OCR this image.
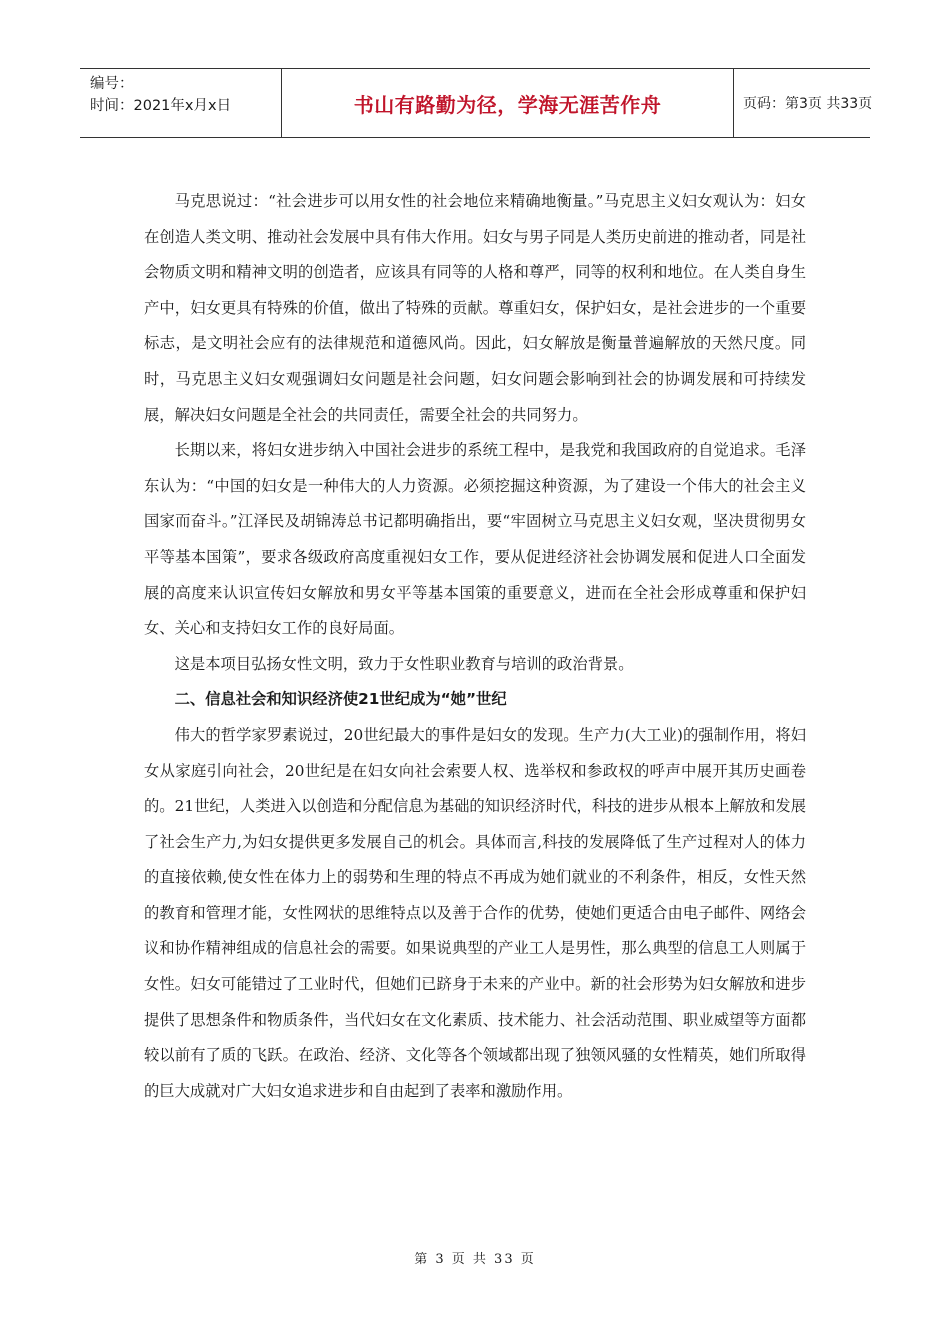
编号：
时间：2021年x月x日	书山有路勤为径，学海无涯苦作舟	页码：第3页 共33页

马克思说过：“社会进步可以用女性的社会地位来精确地衡量。”马克思主义妇女观认为：妇女在创造人类文明、推动社会发展中具有伟大作用。妇女与男子同是人类历史前进的推动者，同是社会物质文明和精神文明的创造者，应该具有同等的人格和尊严，同等的权利和地位。在人类自身生产中，妇女更具有特殊的价值，做出了特殊的贡献。尊重妇女，保护妇女，是社会进步的一个重要标志，是文明社会应有的法律规范和道德风尚。因此，妇女解放是衡量普遍解放的天然尺度。同时，马克思主义妇女观强调妇女问题是社会问题，妇女问题会影响到社会的协调发展和可持续发展，解决妇女问题是全社会的共同责任，需要全社会的共同努力。

长期以来，将妇女进步纳入中国社会进步的系统工程中，是我党和我国政府的自觉追求。毛泽东认为：“中国的妇女是一种伟大的人力资源。必须挖掘这种资源，为了建设一个伟大的社会主义国家而奋斗。”江泽民及胡锦涛总书记都明确指出，要“牢固树立马克思主义妇女观，坚决贯彻男女平等基本国策”，要求各级政府高度重视妇女工作，要从促进经济社会协调发展和促进人口全面发展的高度来认识宣传妇女解放和男女平等基本国策的重要意义，进而在全社会形成尊重和保护妇女、关心和支持妇女工作的良好局面。

这是本项目弘扬女性文明，致力于女性职业教育与培训的政治背景。

二、信息社会和知识经济使21世纪成为“她”世纪

伟大的哲学家罗素说过，20世纪最大的事件是妇女的发现。生产力(大工业)的强制作用，将妇女从家庭引向社会，20世纪是在妇女向社会索要人权、选举权和参政权的呼声中展开其历史画卷的。21世纪，人类进入以创造和分配信息为基础的知识经济时代，科技的进步从根本上解放和发展了社会生产力,为妇女提供更多发展自己的机会。具体而言,科技的发展降低了生产过程对人的体力的直接依赖,使女性在体力上的弱势和生理的特点不再成为她们就业的不利条件，相反，女性天然的教育和管理才能，女性网状的思维特点以及善于合作的优势，使她们更适合由电子邮件、网络会议和协作精神组成的信息社会的需要。如果说典型的产业工人是男性，那么典型的信息工人则属于女性。妇女可能错过了工业时代，但她们已跻身于未来的产业中。新的社会形势为妇女解放和进步提供了思想条件和物质条件，当代妇女在文化素质、技术能力、社会活动范围、职业威望等方面都较以前有了质的飞跃。在政治、经济、文化等各个领域都出现了独领风骚的女性精英，她们所取得的巨大成就对广大妇女追求进步和自由起到了表率和激励作用。

第 3 页 共 33 页
